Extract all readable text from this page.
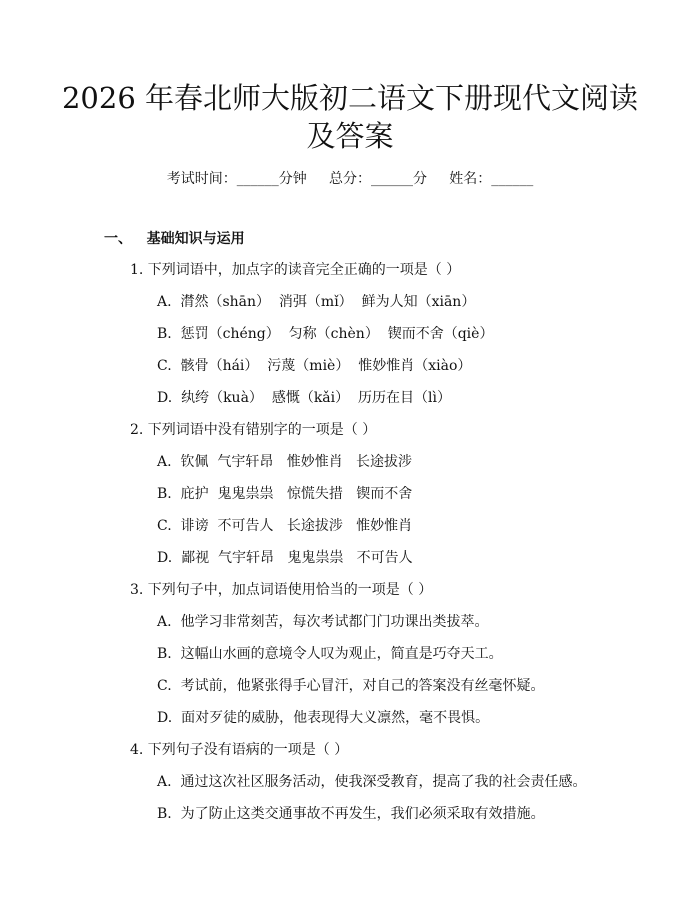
2026 年春北师大版初二语文下册现代文阅读
及答案
考试时间：______分钟     总分：______分     姓名：______
一、   基础知识与运用
1. 下列词语中，加点字的读音完全正确的一项是（ ）
A.  潸然（shān）  消弭（mǐ）  鲜为人知（xiān）
B.  惩罚（chéng）  匀称（chèn）  锲而不舍（qiè）
C.  骸骨（hái）  污蔑（miè）  惟妙惟肖（xiào）
D.  纨绔（kuà）  感慨（kǎi）  历历在目（lì）
2. 下列词语中没有错别字的一项是（ ）
A.  钦佩  气宇轩昂   惟妙惟肖   长途拔涉
B.  庇护  鬼鬼祟祟   惊慌失措   锲而不舍
C.  诽谤  不可告人   长途拔涉   惟妙惟肖
D.  鄙视  气宇轩昂   鬼鬼祟祟   不可告人
3. 下列句子中，加点词语使用恰当的一项是（ ）
A.  他学习非常刻苦，每次考试都门门功课出类拔萃。
B.  这幅山水画的意境令人叹为观止，简直是巧夺天工。
C.  考试前，他紧张得手心冒汗，对自己的答案没有丝毫怀疑。
D.  面对歹徒的威胁，他表现得大义凛然，毫不畏惧。
4. 下列句子没有语病的一项是（ ）
A.  通过这次社区服务活动，使我深受教育，提高了我的社会责任感。
B.  为了防止这类交通事故不再发生，我们必须采取有效措施。
